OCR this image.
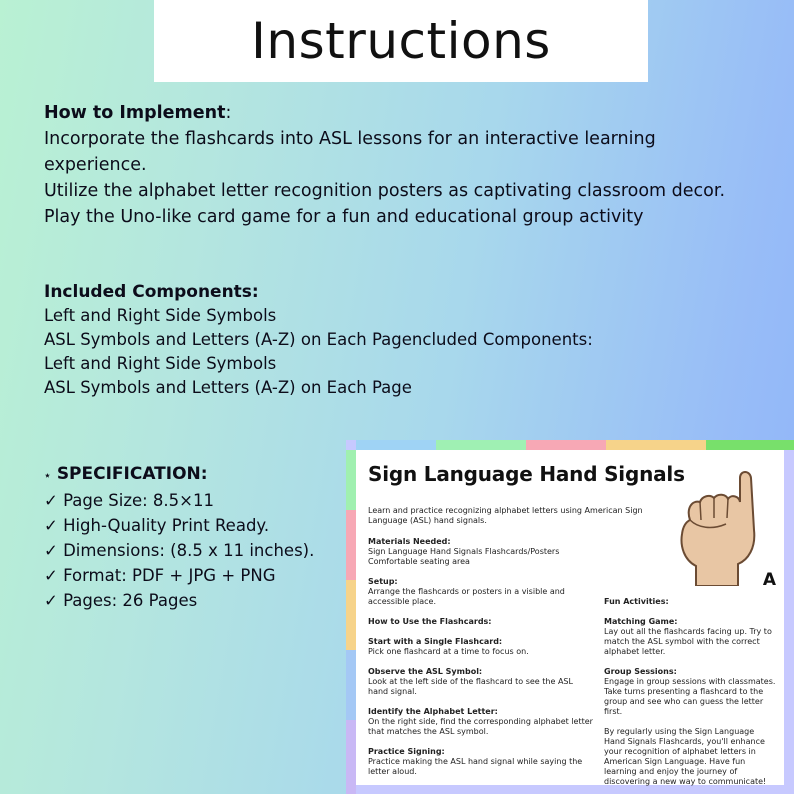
Instructions
How to Implement:
Incorporate the flashcards into ASL lessons for an interactive learning
experience.
Utilize the alphabet letter recognition posters as captivating classroom decor.
Play the Uno-like card game for a fun and educational group activity
Included Components:
Left and Right Side Symbols
ASL Symbols and Letters (A-Z) on Each Pagencluded Components:
Left and Right Side Symbols
ASL Symbols and Letters (A-Z) on Each Page
⋆ SPECIFICATION:
✓ Page Size: 8.5×11
✓ High-Quality Print Ready.
✓ Dimensions: (8.5 x 11 inches).
✓ Format: PDF + JPG + PNG
✓ Pages: 26 Pages
Sign Language Hand Signals
A

Learn and practice recognizing alphabet letters using American Sign Language (ASL) hand signals.

Materials Needed:

Sign Language Hand Signals Flashcards/Posters

Comfortable seating area

Setup:

Arrange the flashcards or posters in a visible and accessible place.

How to Use the Flashcards:

Start with a Single Flashcard:

Pick one flashcard at a time to focus on.

Observe the ASL Symbol:

Look at the left side of the flashcard to see the ASL hand signal.

Identify the Alphabet Letter:

On the right side, find the corresponding alphabet letter that matches the ASL symbol.

Practice Signing:

Practice making the ASL hand signal while saying the letter aloud.

Fun Activities:

Matching Game:

Lay out all the flashcards facing up. Try to match the ASL symbol with the correct alphabet letter.

Group Sessions:

Engage in group sessions with classmates. Take turns presenting a flashcard to the group and see who can guess the letter first.

By regularly using the Sign Language Hand Signals Flashcards, you'll enhance your recognition of alphabet letters in American Sign Language. Have fun learning and enjoy the journey of discovering a new way to communicate!
